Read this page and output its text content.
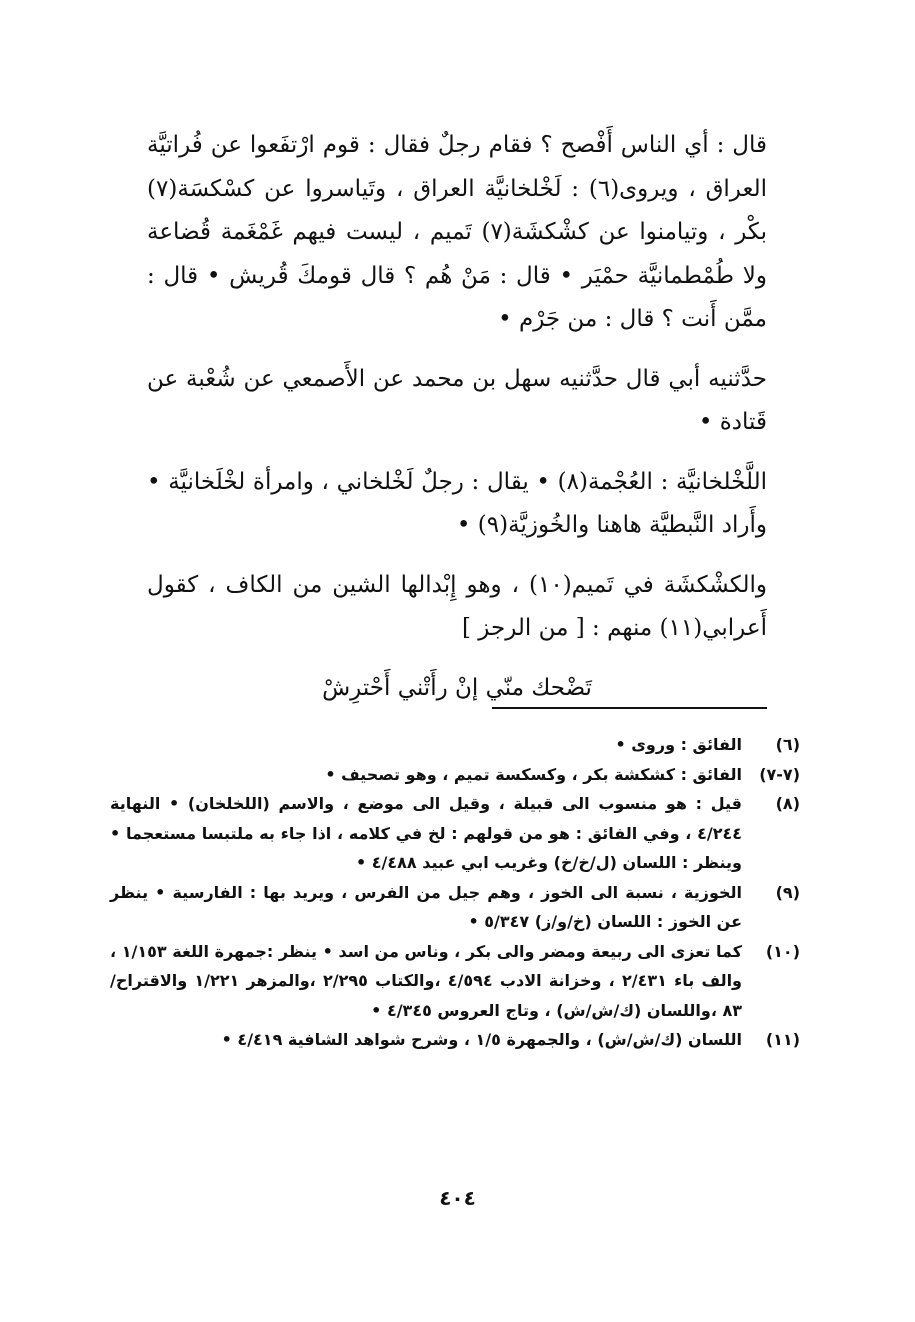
قال : أي الناس أَفْصح ؟ فقام رجلٌ فقال : قوم ارْتفَعوا عن فُراتيَّة العراق ، ويروى(٦) : لَخْلخانيَّة العراق ، وتَياسروا عن كسْكسَة(٧) بكْر ، وتيامنوا عن كشْكشَة(٧) تَميم ، ليست فيهم غَمْغَمة قُضاعة ولا طُمْطمانيَّة حمْيَر • قال : مَنْ هُم ؟ قال قومكَ قُريش • قال : ممَّن أَنت ؟ قال : من جَرْم •

حدَّثنيه أبي قال حدَّثنيه سهل بن محمد عن الأَصمعي عن شُعْبة عن قَتادة •

اللَّخْلخانيَّة : العُجْمة(٨) • يقال : رجلٌ لَخْلخاني ، وامرأة لخْلَخانيَّة • وأَراد النَّبطيَّة هاهنا والخُوزيَّة(٩) •

والكشْكشَة في تَميم(١٠) ، وهو إِبْدالها الشين من الكاف ، كقول أَعرابي(١١) منهم : [ من الرجز ]

تَضْحك منّي إنْ رأَتْني أَحْترِشْ
(٦)
الفائق : وروى •
(٧-٧)
الفائق : كشكشة بكر ، وكسكسة تميم ، وهو تصحيف •
(٨)
قيل : هو منسوب الى قبيلة ، وقيل الى موضع ، والاسم (اللخلخان) • النهاية ٤/٢٤٤ ، وفي الفائق : هو من قولهم : لخ في كلامه ، اذا جاء به ملتبسا مستعجما • وينظر : اللسان (ل/خ/خ) وغريب ابي عبيد ٤/٤٨٨ •
(٩)
الخوزية ، نسبة الى الخوز ، وهم جيل من الفرس ، ويريد بها : الفارسية • ينظر عن الخوز : اللسان (خ/و/ز) ٥/٣٤٧ •
(١٠)
كما تعزى الى ربيعة ومضر والى بكر ، وناس من اسد • ينظر :جمهرة اللغة ١/١٥٣ ، والف باء ٢/٤٣١ ، وخزانة الادب ٤/٥٩٤ ،والكتاب ٢/٢٩٥ ،والمزهر ١/٢٢١ والاقتراح/٨٣ ،واللسان (ك/ش/ش) ، وتاج العروس ٤/٣٤٥ •
(١١)
اللسان (ك/ش/ش) ، والجمهرة ١/٥ ، وشرح شواهد الشافية ٤/٤١٩ •
٤٠٤
